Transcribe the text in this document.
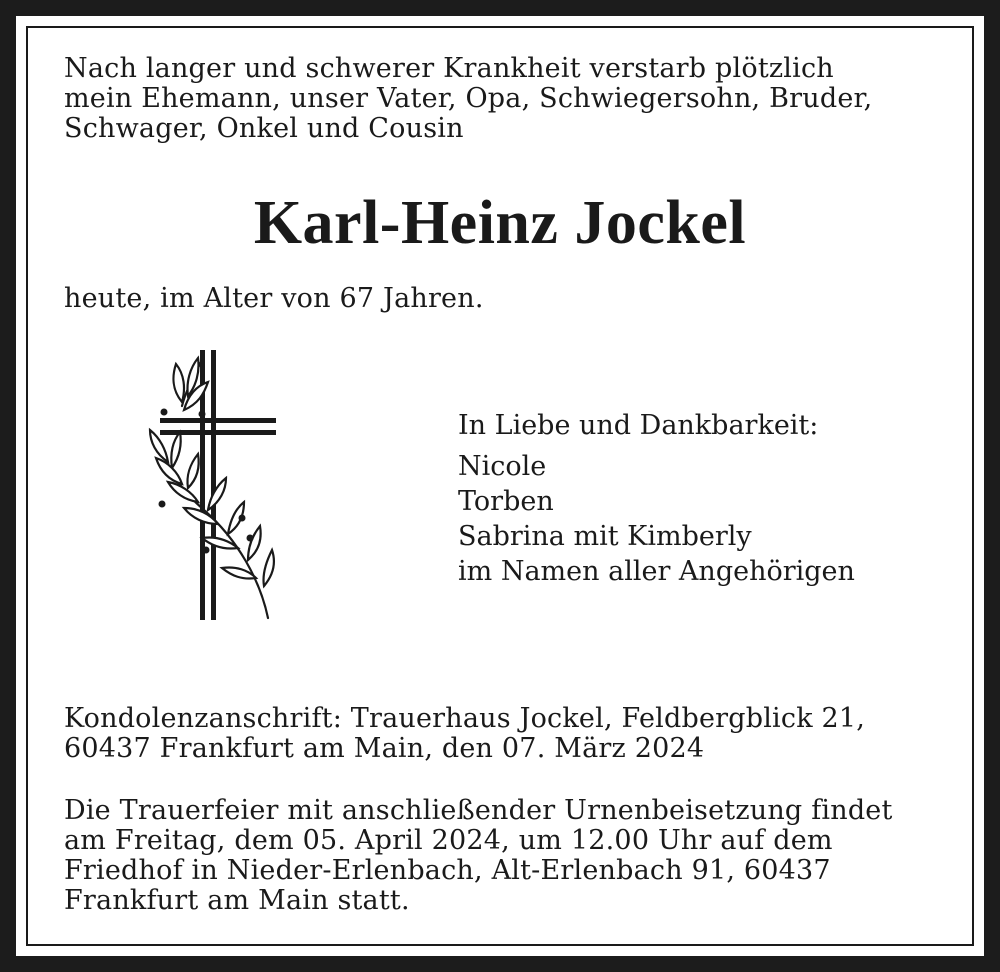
Nach langer und schwerer Krankheit verstarb plötzlich
mein Ehemann, unser Vater, Opa, Schwiegersohn, Bruder,
Schwager, Onkel und Cousin

Karl-Heinz Jockel

heute, im Alter von 67 Jahren.

In Liebe und Dankbarkeit:

Nicole

Torben

Sabrina mit Kimberly

im Namen aller Angehörigen

Kondolenzanschrift: Trauerhaus Jockel, Feldbergblick 21,
60437 Frankfurt am Main, den 07. März 2024

Die Trauerfeier mit anschließender Urnenbeisetzung findet
am Freitag, dem 05. April 2024, um 12.00 Uhr auf dem
Friedhof in Nieder-Erlenbach, Alt-Erlenbach 91, 60437
Frankfurt am Main statt.
